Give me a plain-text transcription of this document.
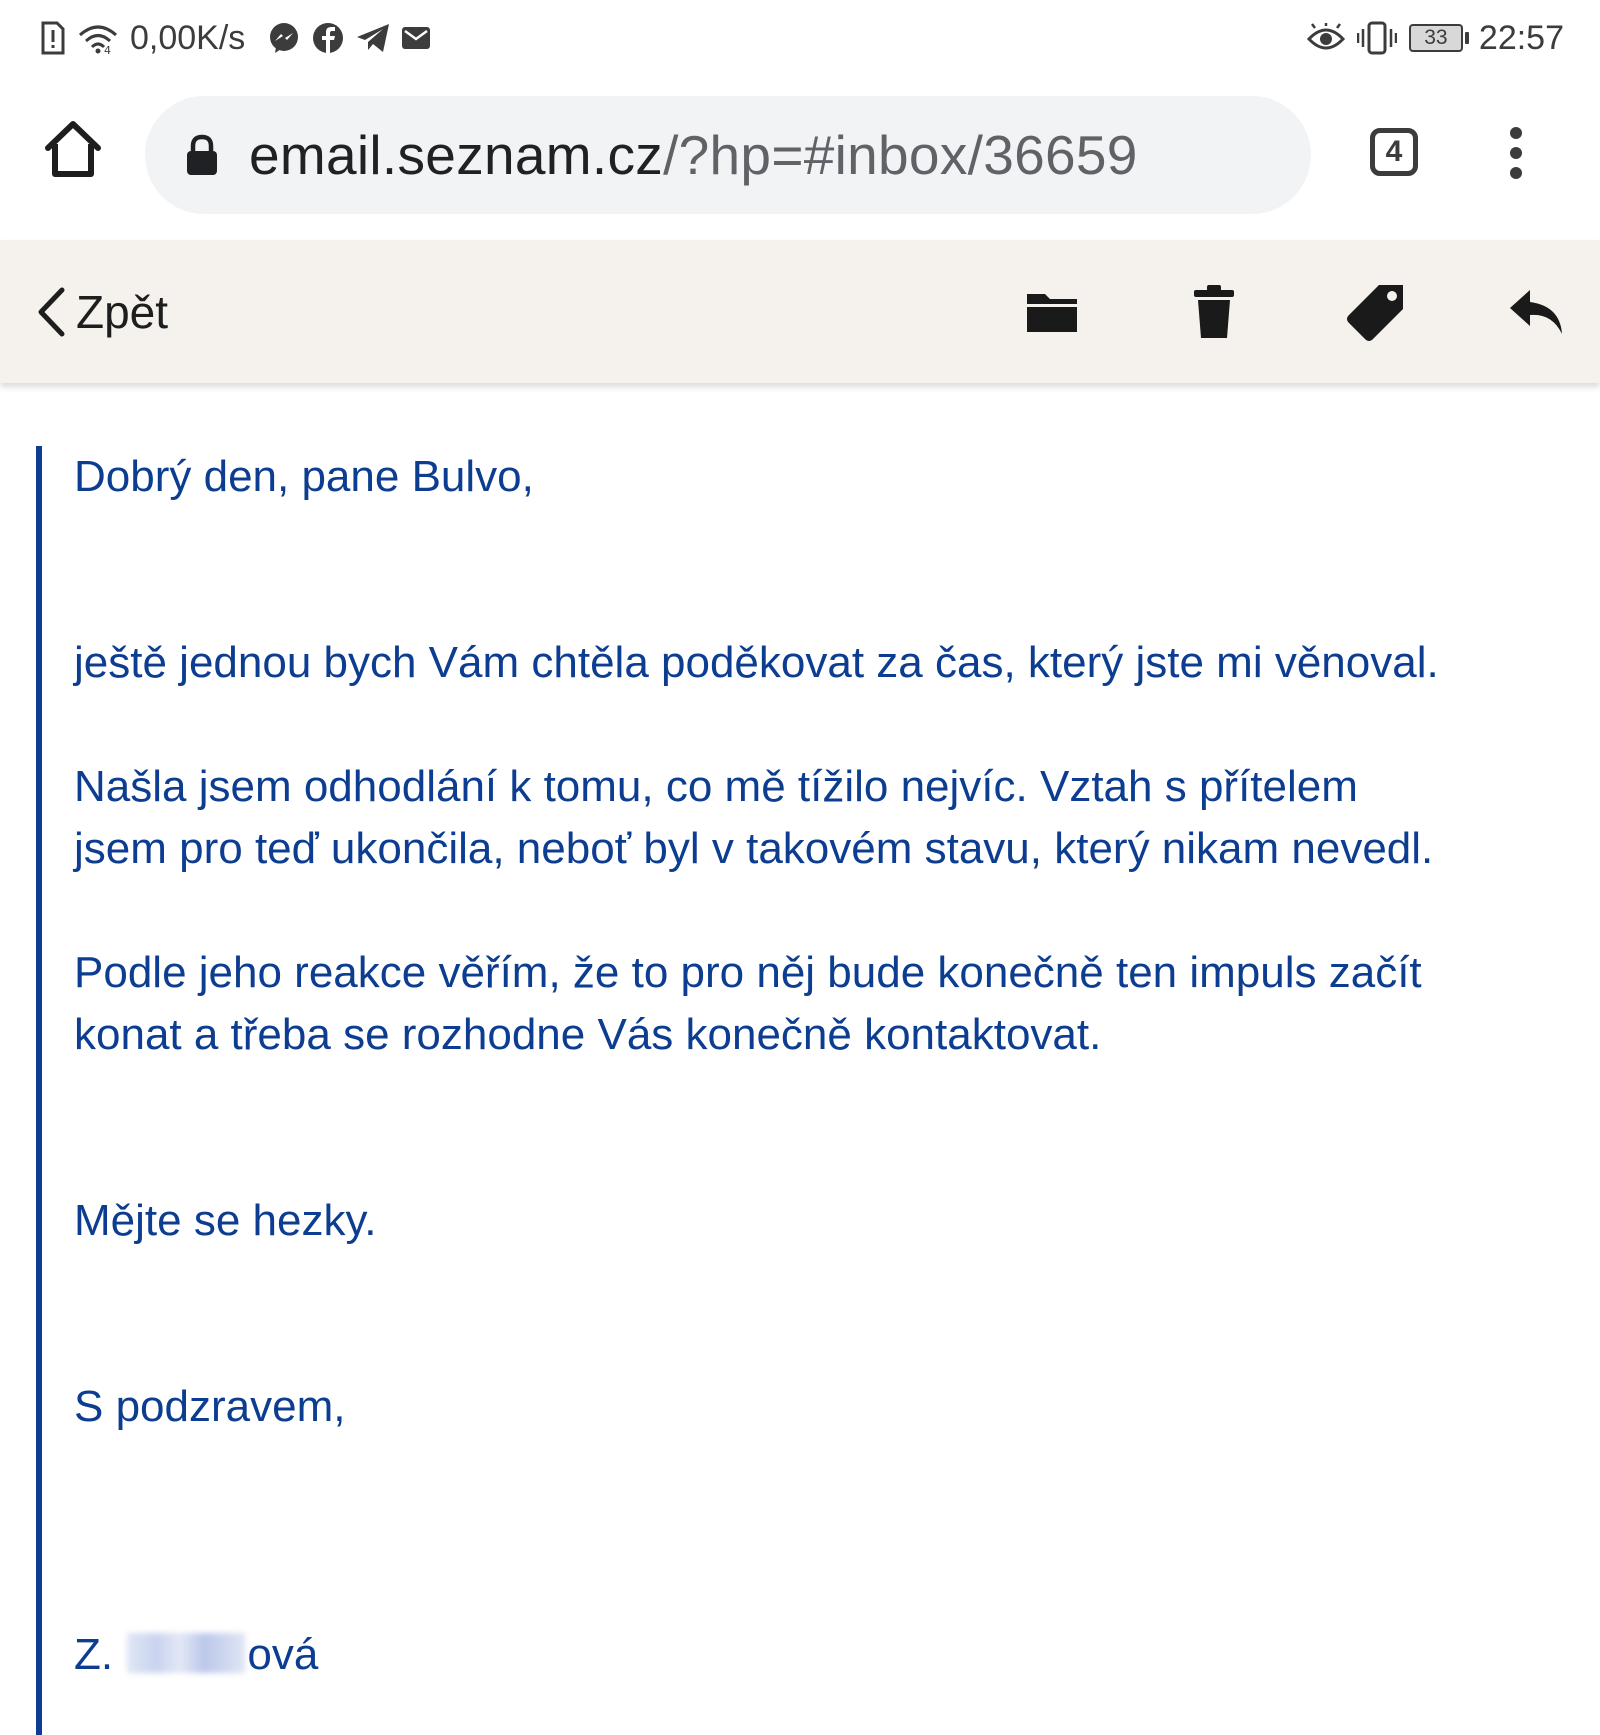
4 0,00K/s	33 22:57
email.seznam.cz/?hp=#inbox/36659	4
Zpět
Dobrý den, pane Bulvo,
ještě jednou bych Vám chtěla poděkovat za čas, který jste mi věnoval.
Našla jsem odhodlání k tomu, co mě tížilo nejvíc. Vztah s přítelem
jsem pro teď ukončila, neboť byl v takovém stavu, který nikam nevedl.
Podle jeho reakce věřím, že to pro něj bude konečně ten impuls začít
konat a třeba se rozhodne Vás konečně kontaktovat.
Mějte se hezky.
S podzravem,
Z.	ová
